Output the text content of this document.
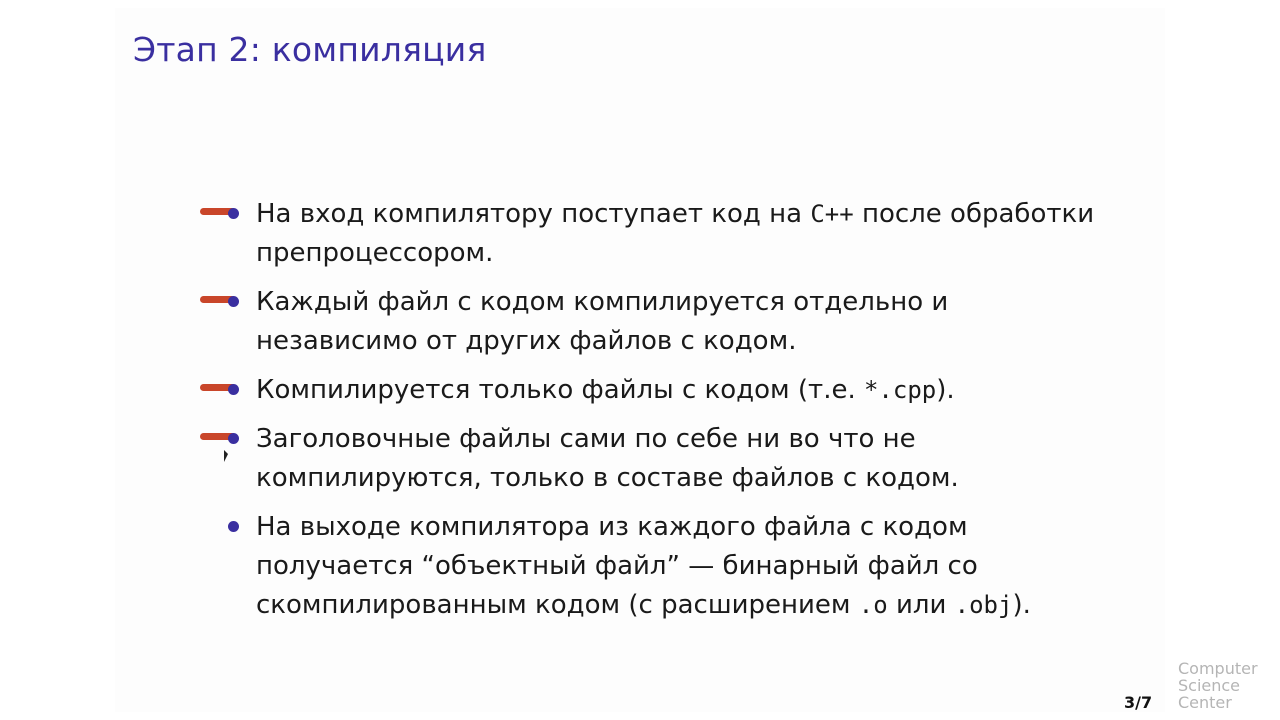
Этап 2: компиляция
На вход компилятору поступает код на C++ после обработки препроцессором.
Каждый файл с кодом компилируется отдельно и независимо от других файлов с кодом.
Компилируется только файлы с кодом (т.е. *.cpp).
Заголовочные файлы сами по себе ни во что не компилируются, только в составе файлов с кодом.
На выходе компилятора из каждого файла с кодом получается “объектный файл” — бинарный файл со скомпилированным кодом (с расширением .o или .obj).
3/7
Computer
Science
Center
